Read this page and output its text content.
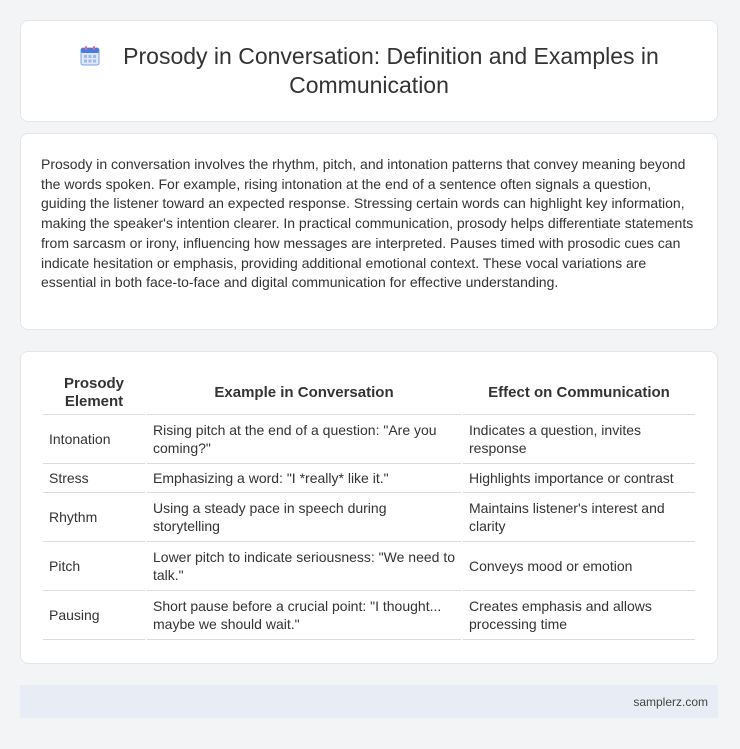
Prosody in Conversation: Definition and Examples in Communication

Prosody in conversation involves the rhythm, pitch, and intonation patterns that convey meaning beyond the words spoken. For example, rising intonation at the end of a sentence often signals a question, guiding the listener toward an expected response. Stressing certain words can highlight key information, making the speaker's intention clearer. In practical communication, prosody helps differentiate statements from sarcasm or irony, influencing how messages are interpreted. Pauses timed with prosodic cues can indicate hesitation or emphasis, providing additional emotional context. These vocal variations are essential in both face-to-face and digital communication for effective understanding.

Prosody Element	Example in Conversation	Effect on Communication
Intonation	Rising pitch at the end of a question: "Are you coming?"	Indicates a question, invites response
Stress	Emphasizing a word: "I *really* like it."	Highlights importance or contrast
Rhythm	Using a steady pace in speech during storytelling	Maintains listener's interest and clarity
Pitch	Lower pitch to indicate seriousness: "We need to talk."	Conveys mood or emotion
Pausing	Short pause before a crucial point: "I thought... maybe we should wait."	Creates emphasis and allows processing time
samplerz.com
